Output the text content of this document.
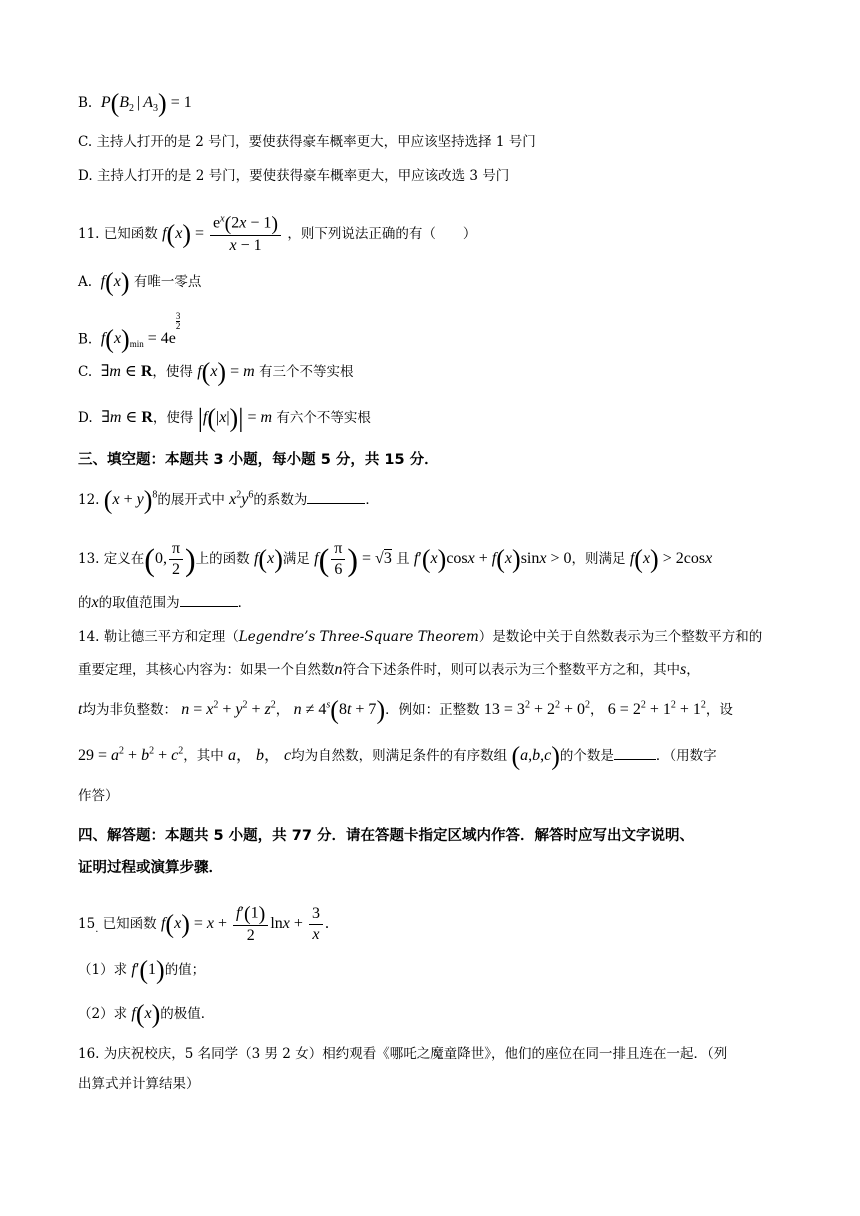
B. $P(B_2$ | $A_3) = 1$
C. 主持人打开的是 2 号门，要使获得豪车概率更大，甲应该坚持选择 1 号门
D. 主持人打开的是 2 号门，要使获得豪车概率更大，甲应该改选 3 号门
11. 已知函数 $f(x) = \frac{e^x(2x - 1)}{x - 1}$ ，则下列说法正确的有（　　）
A. f(x) 有唯一零点
B. $f(x)_{min} = 4e$
$^{\frac{3}{2}}$
C. ∃m ∈ R，使得 f(x) = m 有三个不等实根
D. ∃m ∈ R，使得 |f(|x|)| = m 有六个不等实根
三、填空题：本题共 3 小题，每小题 5 分，共 15 分．
12. $(x + y)^8$的展开式中 $x^2y^6$的系数为	．
13. 定义在(0, $\frac{\pi}{2}$ )上的函数 f(x)满足 $f( \frac{\pi}{6}$ ) = √3 且 f′(x)cosx + f(x)sinx > 0，则满足 f(x) > 2cosx
的x的取值范围为	．
14. 勒让德三平方和定理（Legendre’s Three-Square Theorem）是数论中关于自然数表示为三个整数平方和的
重要定理，其核心内容为：如果一个自然数n符合下述条件时，则可以表示为三个整数平方之和，其中s，
t均为非负整数： $n = x^2 + y^2 + z^2$， $n \ne 4^s(8t + 7)$．例如：正整数 $13 = 3^2 + 2^2 + 0^2$， $6 = 2^2 + 1^2 + 1^2$，设
$29 = a^2 + b^2 + c^2$，其中 a， b， c均为自然数，则满足条件的有序数组 (a,b,c)的个数是	．（用数字
作答）
四、解答题：本题共 5 小题，共 77 分．请在答题卡指定区域内作答．解答时应写出文字说明、
证明过程或演算步骤．
$15_.$ 已知函数 $f(x) = x + \frac{f'(1)}{2}$ $\ln x + \frac{3}{x}$ .
（1）求 f′(1)的值；
（2）求 f(x)的极值．
16. 为庆祝校庆，5 名同学（3 男 2 女）相约观看《哪吒之魔童降世》，他们的座位在同一排且连在一起．（列
出算式并计算结果）
